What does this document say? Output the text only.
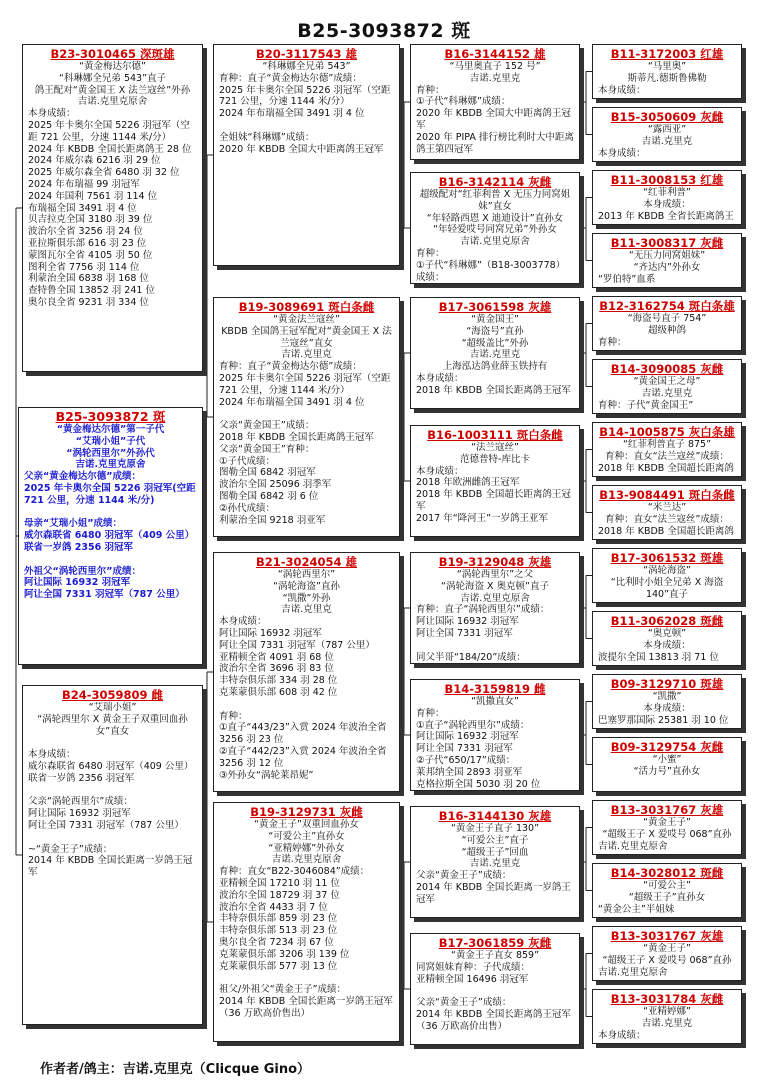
B25-3093872 斑
B25-3093872 斑
“黄金梅达尔德”第一子代
“艾瑞小姐”子代
“涡轮西里尔”外孙代
吉诺.克里克原舍
父亲“黄金梅达尔德”成绩：
2025 年卡奥尔全国 5226 羽冠军(空距 721 公里，分速 1144 米/分)

母亲“艾瑞小姐”成绩：
威尔森联省 6480 羽冠军（409 公里）
联省一岁鸽 2356 羽冠军

外祖父“涡轮西里尔”成绩：
阿让国际 16932 羽冠军
阿让全国 7331 羽冠军（787 公里）
B23-3010465 深斑雄
“黄金梅达尔德”
“科琳娜全兄弟 543”直子
鸽王配对“黄金国王 X 法兰寇丝”外孙
吉诺.克里克原舍
本身成绩：
2025 年卡奥尔全国 5226 羽冠军（空距 721 公里，分速 1144 米/分）
2024 年 KBDB 全国长距离鸽王 28 位
2024 年威尔森 6216 羽 29 位
2025 年威尔森全省 6480 羽 32 位
2024 年布瑞福 99 羽冠军
2024 年国利 7561 羽 114 位
布瑞福全国 3491 羽 4 位
贝吉拉克全国 3180 羽 39 位
波治尔全省 3256 羽 24 位
亚拉斯俱乐部 616 羽 23 位
蒙图瓦尔全省 4105 羽 50 位
图利全省 7756 羽 114 位
利蒙治全国 6838 羽 168 位
查特鲁全国 13852 羽 241 位
奥尔良全省 9231 羽 334 位
B24-3059809 雌
“艾瑞小姐”
“涡轮西里尔 X 黄金王子双重回血孙女”直女

本身成绩：
威尔森联省 6480 羽冠军（409 公里）
联省一岁鸽 2356 羽冠军

父亲“涡轮西里尔”成绩：
阿让国际 16932 羽冠军
阿让全国 7331 羽冠军（787 公里）

~“黄金王子”成绩：
2014 年 KBDB 全国长距离一岁鸽王冠军
B20-3117543 雄
“科琳娜全兄弟 543”
育种：直子“黄金梅达尔德”成绩：
2025 年卡奥尔全国 5226 羽冠军（空距 721 公里，分速 1144 米/分）
2024 年布瑞福全国 3491 羽 4 位

全姐妹“科琳娜”成绩：
2020 年 KBDB 全国大中距离鸽王冠军
B19-3089691 斑白条雌
“黄金法兰寇丝”
KBDB 全国鸽王冠军配对“黄金国王 X 法兰寇丝”直女
吉诺.克里克
育种：直子“黄金梅达尔德”成绩：
2025 年卡奥尔全国 5226 羽冠军（空距 721 公里，分速 1144 米/分）
2024 年布瑞福全国 3491 羽 4 位

父亲“黄金国王”成绩：
2018 年 KBDB 全国长距离鸽王冠军
父亲“黄金国王”育种：
①子代成绩：
图勒全国 6842 羽冠军
波治尔全国 25096 羽季军
图勒全国 6842 羽 6 位
②孙代成绩：
利蒙治全国 9218 羽亚军
B21-3024054 雄
“涡轮西里尔”
“涡轮海盗”直孙
“凯撒”外孙
吉诺.克里克
本身成绩：
阿让国际 16932 羽冠军
阿让全国 7331 羽冠军（787 公里）
亚精顿全省 4091 羽 68 位
波治尔全省 3696 羽 83 位
丰特奈俱乐部 334 羽 28 位
克莱蒙俱乐部 608 羽 42 位

育种：
①直子“443/23”入赏 2024 年波治全省 3256 羽 23 位
②直子“442/23”入赏 2024 年波治全省 3256 羽 12 位
③外孙女“涡轮莱昂妮”
B19-3129731 灰雌
“黄金王子”双重回血孙女
“可爱公主”直孙女
“亚精婷娜”外孙女
吉诺.克里克原舍
育种：直女“B22-3046084”成绩：
亚精顿全国 17210 羽 11 位
波治尔全国 18729 羽 37 位
波治尔全省 4433 羽 7 位
丰特奈俱乐部 859 羽 23 位
丰特奈俱乐部 513 羽 23 位
奥尔良全省 7234 羽 67 位
克莱蒙俱乐部 3206 羽 139 位
克莱蒙俱乐部 577 羽 13 位

祖父/外祖父“黄金王子”成绩：
2014 年 KBDB 全国长距离一岁鸽王冠军
（36 万欧高价售出）
B16-3144152 雄
“马里奥直子 152 号”
吉诺.克里克
育种：
①子代“科琳娜”成绩：
2020 年 KBDB 全国大中距离鸽王冠军
2020 年 PIPA 排行榜比利时大中距离鸽王第四冠军
B16-3142114 灰雌
超级配对“红菲利普 X 无压力同窝姐妹”直女
“年轻路西恩 X 迪迪设计”直孙女
“年轻爱哎号同窝兄弟”外孙女
吉诺.克里克原舍
育种：
①子代“科琳娜”（B18-3003778）成绩：
B17-3061598 灰雄
“黄金国王”
“海盗号”直孙
“超级盖比”外孙
吉诺.克里克
上海泓达鸽业薛玉铁持有
本身成绩：
2018 年 KBDB 全国长距离鸽王冠军
B16-1003111 斑白条雌
“法兰寇丝”
范德普特-库比卡
本身成绩：
2018 年欧洲雌鸽王冠军
2018 年 KBDB 全国超长距离鸽王冠军
2017 年“降河王”一岁鸽王亚军
B19-3129048 灰雄
“涡轮西里尔”之父
“涡轮海盗 X 奥克顿”直子
吉诺.克里克原舍
育种：直子“涡轮西里尔”成绩：
阿让国际 16932 羽冠军
阿让全国 7331 羽冠军

同父半哥“184/20”成绩：
B14-3159819 雌
“凯撒直女”
育种：
①直子“涡轮西里尔”成绩：
阿让国际 16932 羽冠军
阿让全国 7331 羽冠军
②子代“650/17”成绩：
莱邦纳全国 2893 羽亚军
克格拉斯全国 5030 羽 20 位
B16-3144130 灰雄
“黄金王子直子 130”
“可爱公主”直子
“超级王子”回血
吉诺.克里克
父亲“黄金王子”成绩：
2014 年 KBDB 全国长距离一岁鸽王冠军
B17-3061859 灰雌
“黄金王子直女 859”
同窝姐妹育种：子代成绩：
亚精顿全国 16496 羽冠军

父亲“黄金王子”成绩：
2014 年 KBDB 全国长距离鸽王冠军
（36 万欧高价出售）
B11-3172003 红雄
“马里奥”
斯蒂凡.德斯鲁佛勒
本身成绩：
B15-3050609 灰雌
“露西亚”
吉诺.克里克
本身成绩：
B11-3008153 红雄
“红菲利普”
本身成绩：
2013 年 KBDB 全省长距离鸽王
B11-3008317 灰雌
“无压力同窝姐妹”
“齐达内”外孙女
“罗伯特”血系
B12-3162754 斑白条雄
“海盗号直子 754”
超级种鸽
育种：
B14-3090085 灰雌
“黄金国王之母”
吉诺.克里克
育种：子代“黄金国王”
B14-1005875 灰白条雄
“红菲利普直子 875”
育种：直女“法兰寇丝”成绩：
2018 年 KBDB 全国超长距离鸽
B13-9084491 斑白条雌
“米兰达”
育种：直女“法兰寇丝”成绩：
2018 年 KBDB 全国超长距离鸽
B17-3061532 斑雄
“涡轮海盗”
“比利时小姐全兄弟 X 海盗 140”直子
B11-3062028 斑雌
“奥克顿”
本身成绩：
波提尔全国 13813 羽 71 位
B09-3129710 斑雄
“凯撒”
本身成绩：
巴塞罗那国际 25381 羽 10 位
B09-3129754 灰雌
“小蜜”
“活力号”直孙女
B13-3031767 灰雄
“黄金王子”
“超级王子 X 爱哎号 068”直孙
吉诺.克里克原舍
B14-3028012 斑雌
“可爱公主”
“超级王子”直孙女
“黄金公主”半姐妹
B13-3031767 灰雄
“黄金王子”
“超级王子 X 爱哎号 068”直孙
吉诺.克里克原舍
B13-3031784 灰雌
“亚精婷娜”
吉诺.克里克
本身成绩：
作者者/鸽主：吉诺.克里克（Clicque Gino）
